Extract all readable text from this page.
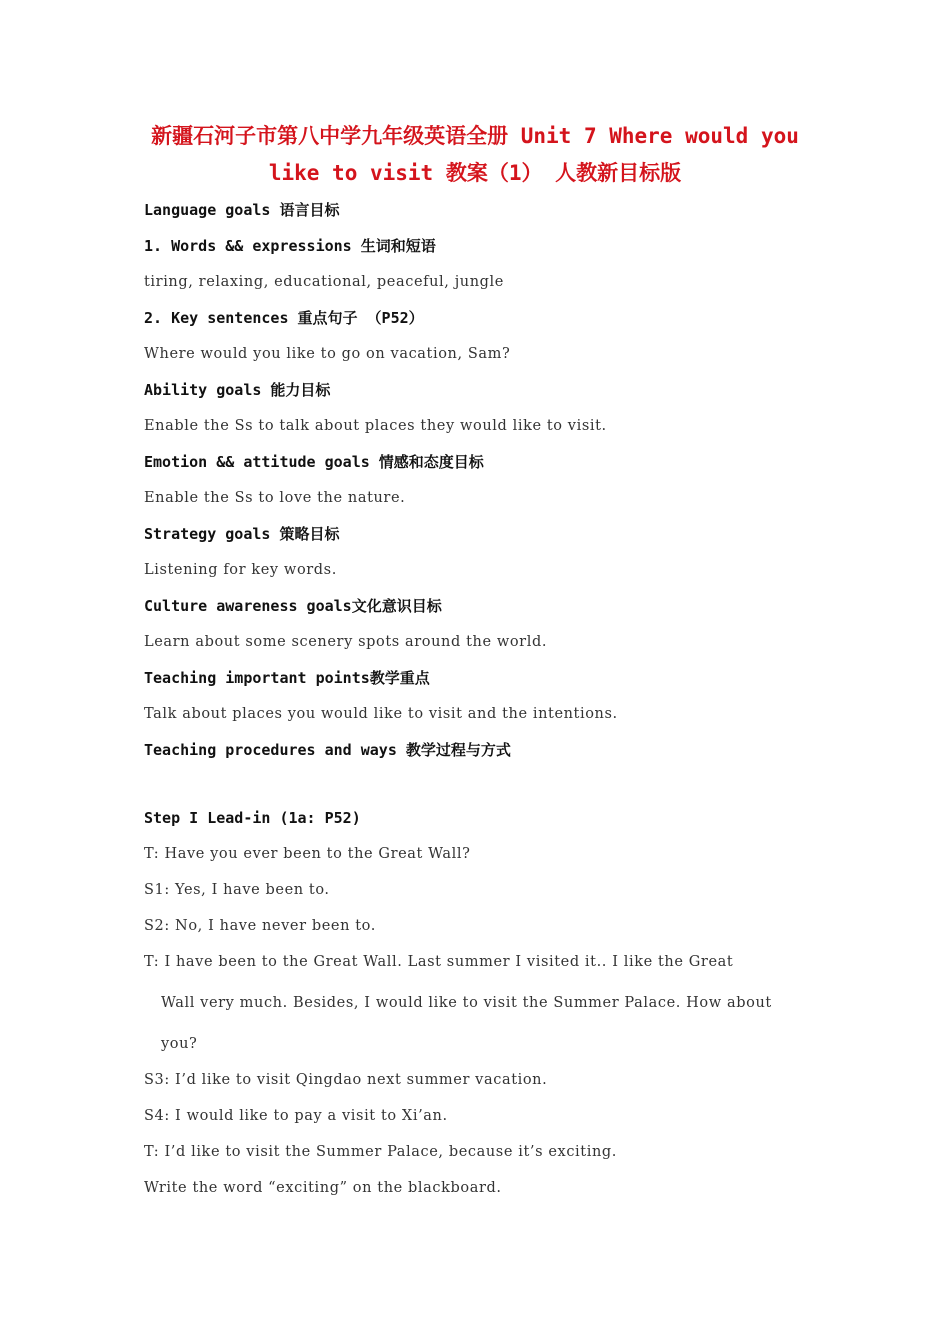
新疆石河子市第八中学九年级英语全册 Unit 7 Where would you
like to visit 教案（1） 人教新目标版
Language goals 语言目标
1. Words && expressions 生词和短语
tiring, relaxing, educational, peaceful, jungle
2. Key sentences 重点句子 （P52）
Where would you like to go on vacation, Sam?
Ability goals 能力目标
Enable the Ss to talk about places they would like to visit.
Emotion && attitude goals 情感和态度目标
Enable the Ss to love the nature.
Strategy goals 策略目标
Listening for key words.
Culture awareness goals文化意识目标
Learn about some scenery spots around the world.
Teaching important points教学重点
Talk about places you would like to visit and the intentions.
Teaching procedures and ways 教学过程与方式
Step I Lead-in (1a: P52)
T: Have you ever been to the Great Wall?
S1: Yes, I have been to.
S2: No, I have never been to.
T: I have been to the Great Wall. Last summer I visited it.. I like the Great
Wall very much. Besides, I would like to visit the Summer Palace. How about
you?
S3: I’d like to visit Qingdao next summer vacation.
S4: I would like to pay a visit to Xi’an.
T: I’d like to visit the Summer Palace, because it’s exciting.
Write the word “exciting” on the blackboard.
